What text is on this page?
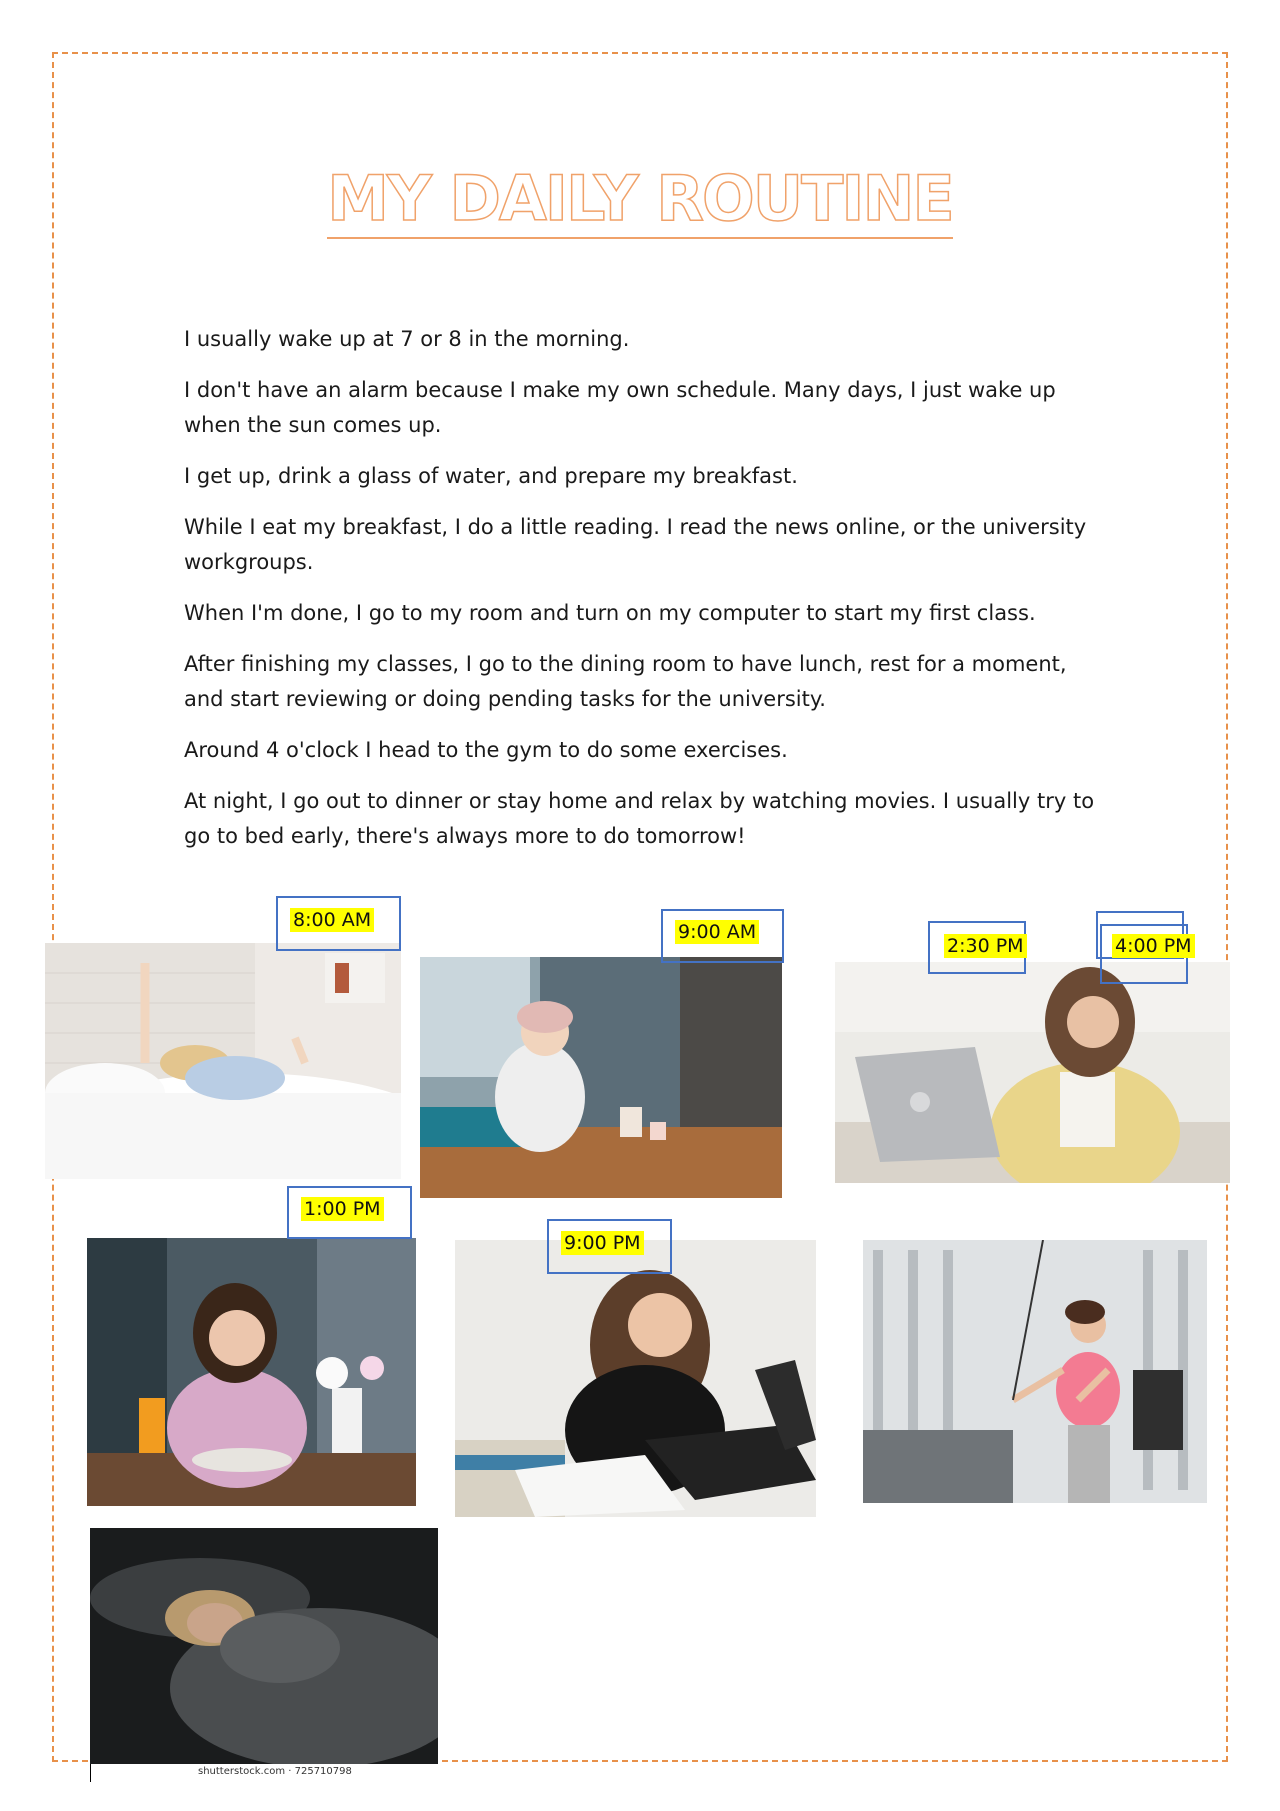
MY DAILY ROUTINE

I usually wake up at 7 or 8 in the morning.

I don't have an alarm because I make my own schedule. Many days, I just wake up when the sun comes up.

I get up, drink a glass of water, and prepare my breakfast.

While I eat my breakfast, I do a little reading. I read the news online, or the university workgroups.

When I'm done, I go to my room and turn on my computer to start my first class.

After finishing my classes, I go to the dining room to have lunch, rest for a moment, and start reviewing or doing pending tasks for the university.

Around 4 o'clock I head to the gym to do some exercises.

At night, I go out to dinner or stay home and relax by watching movies. I usually try to go to bed early, there's always more to do tomorrow!

8:00 AM
9:00 AM
2:30 PM	4:00 PM
1:00 PM
9:00 PM
shutterstock.com · 725710798
